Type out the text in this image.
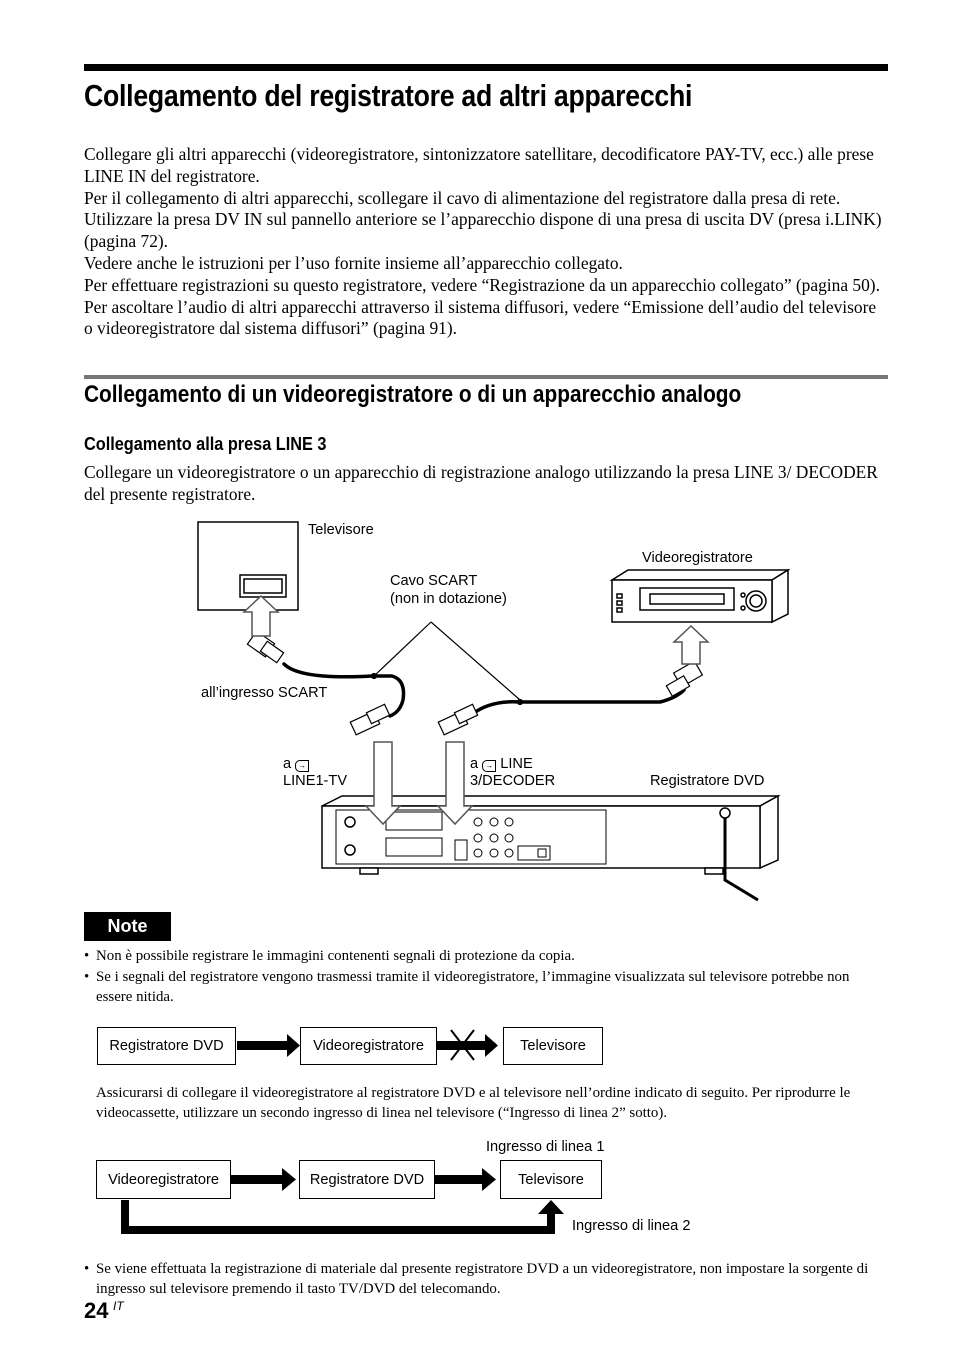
Collegamento del registratore ad altri apparecchi

Collegare gli altri apparecchi (videoregistratore, sintonizzatore satellitare, decodificatore PAY-TV, ecc.) alle prese LINE IN del registratore.

Per il collegamento di altri apparecchi, scollegare il cavo di alimentazione del registratore dalla presa di rete.

Utilizzare la presa DV IN sul pannello anteriore se l’apparecchio dispone di una presa di uscita DV (presa i.LINK) (pagina 72).

Vedere anche le istruzioni per l’uso fornite insieme all’apparecchio collegato.

Per effettuare registrazioni su questo registratore, vedere “Registrazione da un apparecchio collegato” (pagina 50). Per ascoltare l’audio di altri apparecchi attraverso il sistema diffusori, vedere “Emissione dell’audio del televisore o videoregistratore dal sistema diffusori” (pagina 91).

Collegamento di un videoregistratore o di un apparecchio analogo
Collegamento alla presa LINE 3
Collegare un videoregistratore o un apparecchio di registrazione analogo utilizzando la presa LINE 3/ DECODER del presente registratore.
Televisore
Videoregistratore
Cavo SCART
(non in dotazione)
all’ingresso SCART
a →
LINE1-TV
a → LINE
3/DECODER	Registratore DVD
Note
• Non è possibile registrare le immagini contenenti segnali di protezione da copia.
• Se i segnali del registratore vengono trasmessi tramite il videoregistratore, l’immagine visualizzata sul televisore potrebbe non essere nitida.
Registratore DVD	Videoregistratore	Televisore
Assicurarsi di collegare il videoregistratore al registratore DVD e al televisore nell’ordine indicato di seguito. Per riprodurre le videocassette, utilizzare un secondo ingresso di linea nel televisore (“Ingresso di linea 2” sotto).
Ingresso di linea 1
Videoregistratore	Registratore DVD	Televisore
Ingresso di linea 2
• Se viene effettuata la registrazione di materiale dal presente registratore DVD a un videoregistratore, non impostare la sorgente di ingresso sul televisore premendo il tasto TV/DVD del telecomando.
24 IT
